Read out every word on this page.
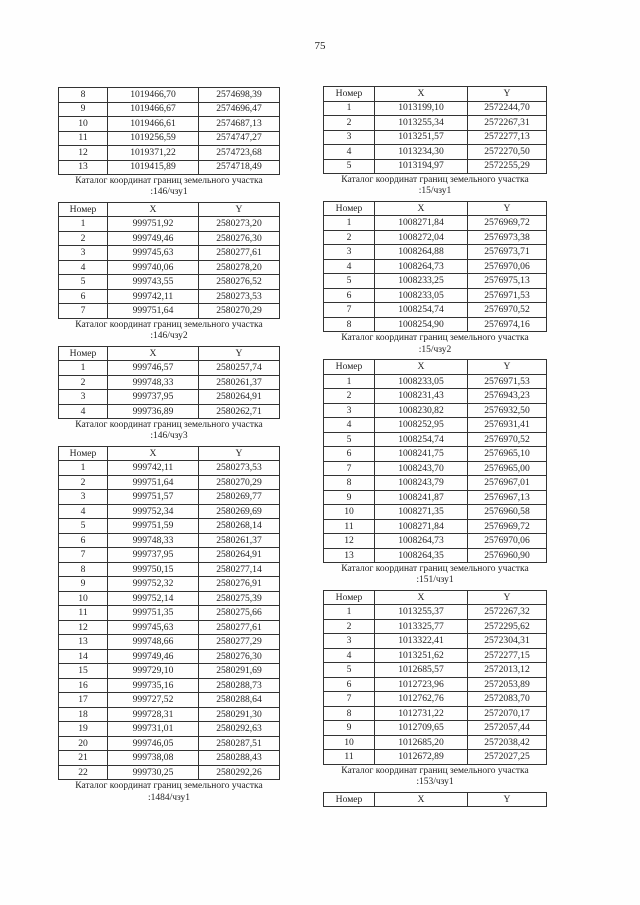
75
8	1019466,70	2574698,39
9	1019466,67	2574696,47
10	1019466,61	2574687,13
11	1019256,59	2574747,27
12	1019371,22	2574723,68
13	1019415,89	2574718,49
Каталог координат границ земельного участка
:146/чзу1
Номер	X	Y
1	999751,92	2580273,20
2	999749,46	2580276,30
3	999745,63	2580277,61
4	999740,06	2580278,20
5	999743,55	2580276,52
6	999742,11	2580273,53
7	999751,64	2580270,29
Каталог координат границ земельного участка
:146/чзу2
Номер	X	Y
1	999746,57	2580257,74
2	999748,33	2580261,37
3	999737,95	2580264,91
4	999736,89	2580262,71
Каталог координат границ земельного участка
:146/чзу3
Номер	X	Y
1	999742,11	2580273,53
2	999751,64	2580270,29
3	999751,57	2580269,77
4	999752,34	2580269,69
5	999751,59	2580268,14
6	999748,33	2580261,37
7	999737,95	2580264,91
8	999750,15	2580277,14
9	999752,32	2580276,91
10	999752,14	2580275,39
11	999751,35	2580275,66
12	999745,63	2580277,61
13	999748,66	2580277,29
14	999749,46	2580276,30
15	999729,10	2580291,69
16	999735,16	2580288,73
17	999727,52	2580288,64
18	999728,31	2580291,30
19	999731,01	2580292,63
20	999746,05	2580287,51
21	999738,08	2580288,43
22	999730,25	2580292,26
Каталог координат границ земельного участка
:1484/чзу1
Номер	X	Y
1	1013199,10	2572244,70
2	1013255,34	2572267,31
3	1013251,57	2572277,13
4	1013234,30	2572270,50
5	1013194,97	2572255,29
Каталог координат границ земельного участка
:15/чзу1
Номер	X	Y
1	1008271,84	2576969,72
2	1008272,04	2576973,38
3	1008264,88	2576973,71
4	1008264,73	2576970,06
5	1008233,25	2576975,13
6	1008233,05	2576971,53
7	1008254,74	2576970,52
8	1008254,90	2576974,16
Каталог координат границ земельного участка
:15/чзу2
Номер	X	Y
1	1008233,05	2576971,53
2	1008231,43	2576943,23
3	1008230,82	2576932,50
4	1008252,95	2576931,41
5	1008254,74	2576970,52
6	1008241,75	2576965,10
7	1008243,70	2576965,00
8	1008243,79	2576967,01
9	1008241,87	2576967,13
10	1008271,35	2576960,58
11	1008271,84	2576969,72
12	1008264,73	2576970,06
13	1008264,35	2576960,90
Каталог координат границ земельного участка
:151/чзу1
Номер	X	Y
1	1013255,37	2572267,32
2	1013325,77	2572295,62
3	1013322,41	2572304,31
4	1013251,62	2572277,15
5	1012685,57	2572013,12
6	1012723,96	2572053,89
7	1012762,76	2572083,70
8	1012731,22	2572070,17
9	1012709,65	2572057,44
10	1012685,20	2572038,42
11	1012672,89	2572027,25
Каталог координат границ земельного участка
:153/чзу1
Номер	X	Y
